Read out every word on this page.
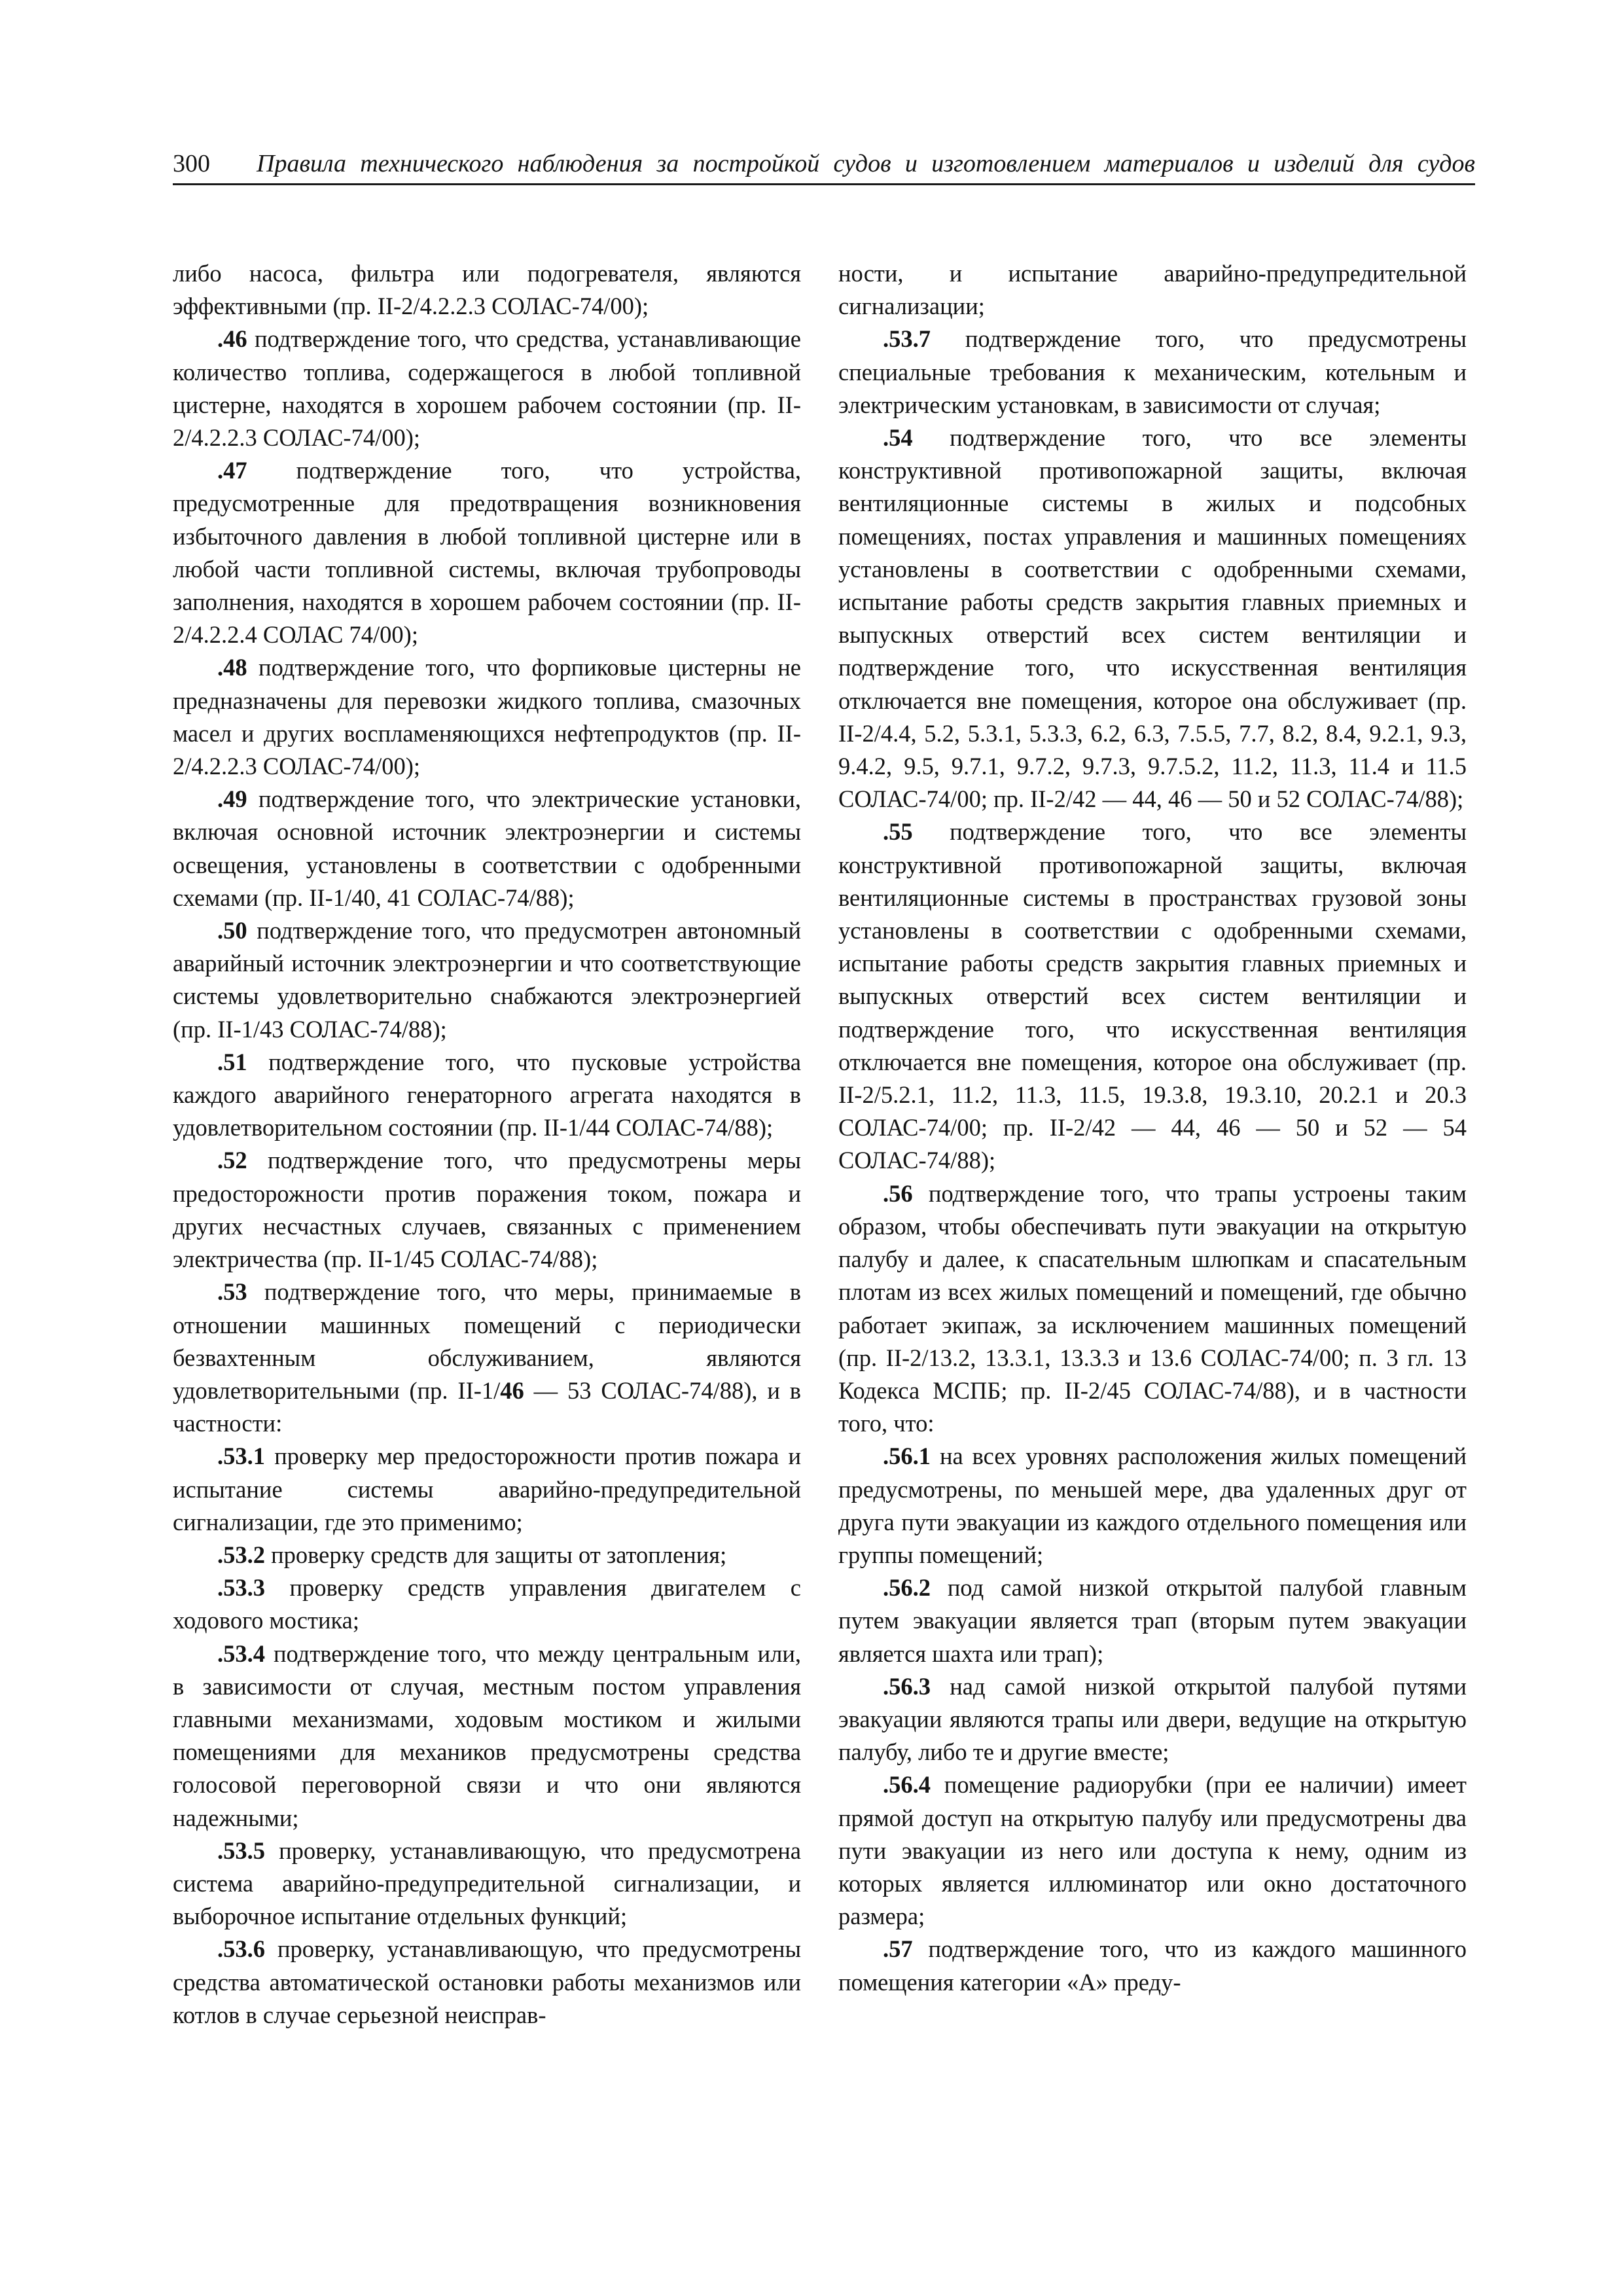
300 Правила технического наблюдения за постройкой судов и изготовлением материалов и изделий для судов

либо насоса, фильтра или подогревателя, являются эффективными (пр. II-2/4.2.2.3 СОЛАС-74/00);

.46 подтверждение того, что средства, устанавливающие количество топлива, содержащегося в любой топливной цистерне, находятся в хорошем рабочем состоянии (пр. II-2/4.2.2.3 СОЛАС-74/00);

.47 подтверждение того, что устройства, предусмотренные для предотвращения возникновения избыточного давления в любой топливной цистерне или в любой части топливной системы, включая трубопроводы заполнения, находятся в хорошем рабочем состоянии (пр. II-2/4.2.2.4 СОЛАС 74/00);

.48 подтверждение того, что форпиковые цистерны не предназначены для перевозки жидкого топлива, смазочных масел и других воспламеняющихся нефтепродуктов (пр. II-2/4.2.2.3 СОЛАС-74/00);

.49 подтверждение того, что электрические установки, включая основной источник электроэнергии и системы освещения, установлены в соответствии с одобренными схемами (пр. II-1/40, 41 СОЛАС-74/88);

.50 подтверждение того, что предусмотрен автономный аварийный источник электроэнергии и что соответствующие системы удовлетворительно снабжаются электроэнергией (пр. II-1/43 СОЛАС-74/88);

.51 подтверждение того, что пусковые устройства каждого аварийного генераторного агрегата находятся в удовлетворительном состоянии (пр. II-1/44 СОЛАС-74/88);

.52 подтверждение того, что предусмотрены меры предосторожности против поражения током, пожара и других несчастных случаев, связанных с применением электричества (пр. II-1/45 СОЛАС-74/88);

.53 подтверждение того, что меры, принимаемые в отношении машинных помещений с периодически безвахтенным обслуживанием, являются удовлетворительными (пр. II-1/46 — 53 СОЛАС-74/88), и в частности:

.53.1 проверку мер предосторожности против пожара и испытание системы аварийно-предупредительной сигнализации, где это применимо;

.53.2 проверку средств для защиты от затопления;

.53.3 проверку средств управления двигателем с ходового мостика;

.53.4 подтверждение того, что между центральным или, в зависимости от случая, местным постом управления главными механизмами, ходовым мостиком и жилыми помещениями для механиков предусмотрены средства голосовой переговорной связи и что они являются надежными;

.53.5 проверку, устанавливающую, что предусмотрена система аварийно-предупредительной сигнализации, и выборочное испытание отдельных функций;

.53.6 проверку, устанавливающую, что предусмотрены средства автоматической остановки работы механизмов или котлов в случае серьезной неисправ-

ности, и испытание аварийно-предупредительной сигнализации;

.53.7 подтверждение того, что предусмотрены специальные требования к механическим, котельным и электрическим установкам, в зависимости от случая;

.54 подтверждение того, что все элементы конструктивной противопожарной защиты, включая вентиляционные системы в жилых и подсобных помещениях, постах управления и машинных помещениях установлены в соответствии с одобренными схемами, испытание работы средств закрытия главных приемных и выпускных отверстий всех систем вентиляции и подтверждение того, что искусственная вентиляция отключается вне помещения, которое она обслуживает (пр. II-2/4.4, 5.2, 5.3.1, 5.3.3, 6.2, 6.3, 7.5.5, 7.7, 8.2, 8.4, 9.2.1, 9.3, 9.4.2, 9.5, 9.7.1, 9.7.2, 9.7.3, 9.7.5.2, 11.2, 11.3, 11.4 и 11.5 СОЛАС-74/00; пр. II-2/42 — 44, 46 — 50 и 52 СОЛАС-74/88);

.55 подтверждение того, что все элементы конструктивной противопожарной защиты, включая вентиляционные системы в пространствах грузовой зоны установлены в соответствии с одобренными схемами, испытание работы средств закрытия главных приемных и выпускных отверстий всех систем вентиляции и подтверждение того, что искусственная вентиляция отключается вне помещения, которое она обслуживает (пр. II-2/5.2.1, 11.2, 11.3, 11.5, 19.3.8, 19.3.10, 20.2.1 и 20.3 СОЛАС-74/00; пр. II-2/42 — 44, 46 — 50 и 52 — 54 СОЛАС-74/88);

.56 подтверждение того, что трапы устроены таким образом, чтобы обеспечивать пути эвакуации на открытую палубу и далее, к спасательным шлюпкам и спасательным плотам из всех жилых помещений и помещений, где обычно работает экипаж, за исключением машинных помещений (пр. II-2/13.2, 13.3.1, 13.3.3 и 13.6 СОЛАС-74/00; п. 3 гл. 13 Кодекса МСПБ; пр. II-2/45 СОЛАС-74/88), и в частности того, что:

.56.1 на всех уровнях расположения жилых помещений предусмотрены, по меньшей мере, два удаленных друг от друга пути эвакуации из каждого отдельного помещения или группы помещений;

.56.2 под самой низкой открытой палубой главным путем эвакуации является трап (вторым путем эвакуации является шахта или трап);

.56.3 над самой низкой открытой палубой путями эвакуации являются трапы или двери, ведущие на открытую палубу, либо те и другие вместе;

.56.4 помещение радиорубки (при ее наличии) имеет прямой доступ на открытую палубу или предусмотрены два пути эвакуации из него или доступа к нему, одним из которых является иллюминатор или окно достаточного размера;

.57 подтверждение того, что из каждого машинного помещения категории «А» преду-
